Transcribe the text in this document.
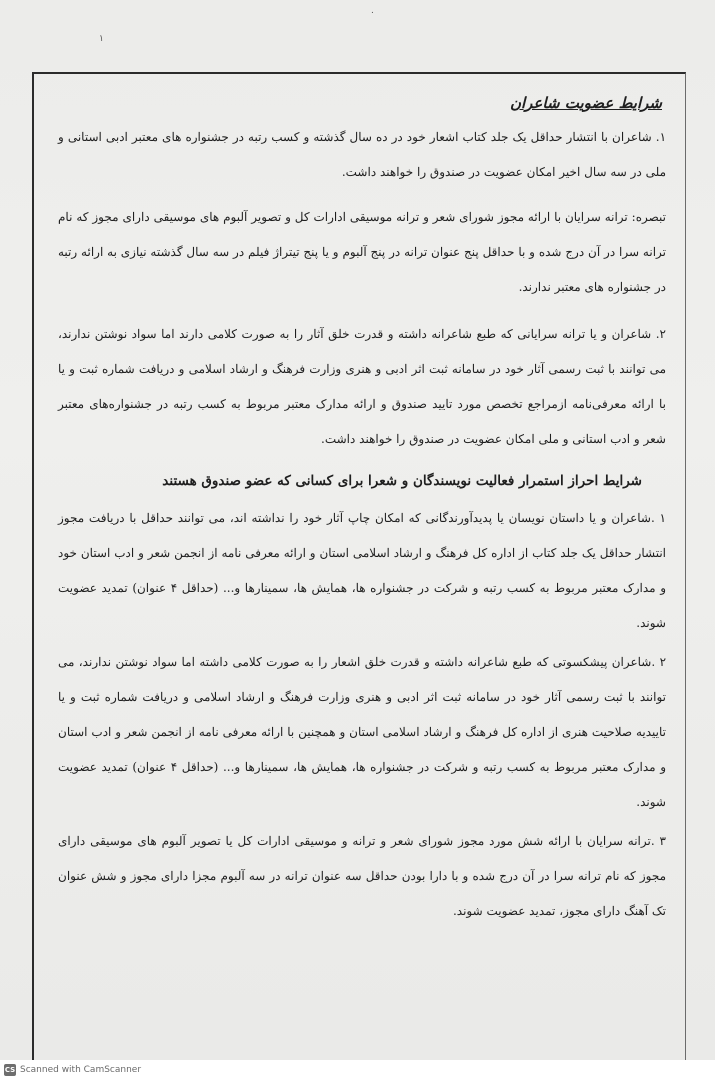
۱
٠
شرایط عضویت شاعران

۱. شاعران با انتشار حداقل یک جلد کتاب اشعار خود در ده سال گذشته و کسب رتبه در جشنواره های معتبر ادبی استانی و ملی در سه سال اخیر امکان عضویت در صندوق را خواهند داشت.

تبصره: ترانه سرایان با ارائه مجوز شورای شعر و ترانه موسیقی ادارات کل و تصویر آلبوم های موسیقی دارای مجوز که نام ترانه سرا در آن درج شده و با حداقل پنج عنوان ترانه در پنج آلبوم و یا پنج تیتراژ فیلم در سه سال گذشته نیازی به ارائه رتبه در جشنواره های معتبر ندارند.

۲. شاعران و یا ترانه سرایانی که طبع شاعرانه داشته و قدرت خلق آثار را به صورت کلامی دارند اما سواد نوشتن ندارند، می توانند با ثبت رسمی آثار خود در سامانه ثبت اثر ادبی و هنری وزارت فرهنگ و ارشاد اسلامی و دریافت شماره ثبت و یا با ارائه معرفی‌نامه ازمراجع تخصص مورد تایید صندوق و ارائه مدارک معتبر مربوط به کسب رتبه در جشنواره‌های معتبر شعر و ادب استانی و ملی امکان عضویت در صندوق را خواهند داشت.

شرایط احراز استمرار فعالیت نویسندگان و شعرا برای کسانی که عضو صندوق هستند

۱ .شاعران و یا داستان نویسان یا پدیدآورندگانی که امکان چاپ آثار خود را نداشته اند، می توانند حداقل با دریافت مجوز انتشار حداقل یک جلد کتاب از اداره کل فرهنگ و ارشاد اسلامی استان و ارائه معرفی نامه از انجمن شعر و ادب استان خود و مدارک معتبر مربوط به کسب رتبه و شرکت در جشنواره ها، همایش ها، سمینارها و... (حداقل ۴ عنوان) تمدید عضویت شوند.

۲ .شاعران پیشکسوتی که طبع شاعرانه داشته و قدرت خلق اشعار را به صورت کلامی داشته اما سواد نوشتن ندارند، می توانند با ثبت رسمی آثار خود در سامانه ثبت اثر ادبی و هنری وزارت فرهنگ و ارشاد اسلامی و دریافت شماره ثبت و یا تاییدیه صلاحیت هنری از اداره کل فرهنگ و ارشاد اسلامی استان و همچنین با ارائه معرفی نامه از انجمن شعر و ادب استان و مدارک معتبر مربوط به کسب رتبه و شرکت در جشنواره ها، همایش ها، سمینارها و... (حداقل ۴ عنوان) تمدید عضویت شوند.

۳ .ترانه سرایان با ارائه شش مورد مجوز شورای شعر و ترانه و موسیقی ادارات کل یا تصویر آلبوم های موسیقی دارای مجوز که نام ترانه سرا در آن درج شده و با دارا بودن حداقل سه عنوان ترانه در سه آلبوم مجزا دارای مجوز و شش عنوان تک آهنگ دارای مجوز، تمدید عضویت شوند.

CS Scanned with CamScanner
